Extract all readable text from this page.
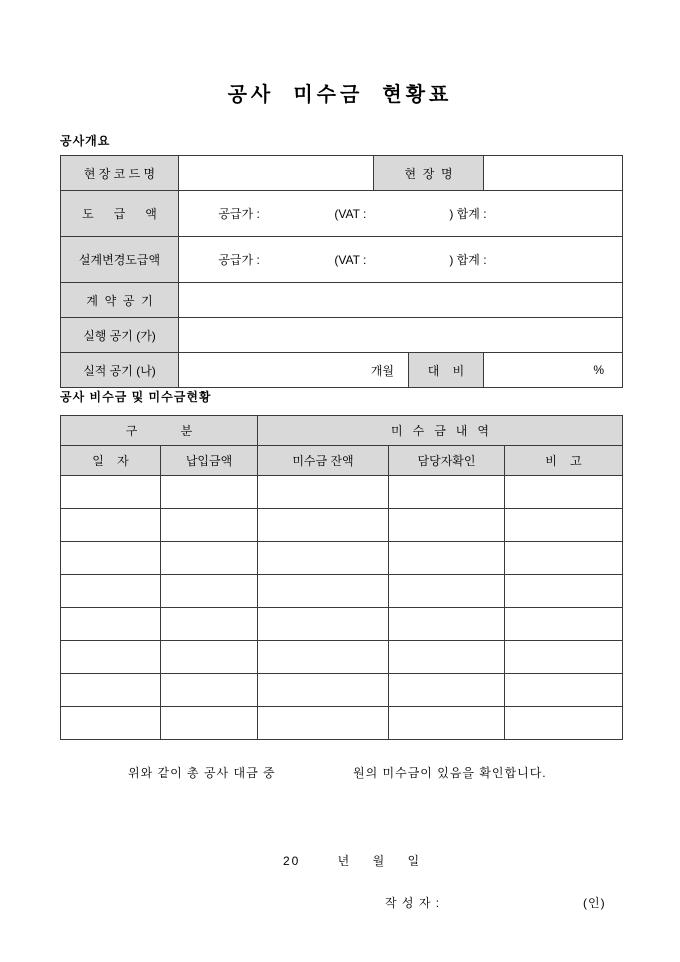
공사  미수금  현황표
공사개요
현 장 코 드 명		현  장  명		
도      급      액	공급가 : (VAT : ) 합계 :			

설계변경도급액	공급가 : (VAT : ) 합계 :			

계  약  공  기				
실행 공기 (가)				
실적 공기 (나)	개월		대    비	%
공사 비수금 및 미수금현황
구             분		미   수   금   내   역		
일    자	납입금액	미수금 잔액	담당자확인	비    고

위와 같이 총 공사 대금 중	원의 미수금이 있음을 확인합니다.
20       년    월    일
작 성 자 :	(인)
